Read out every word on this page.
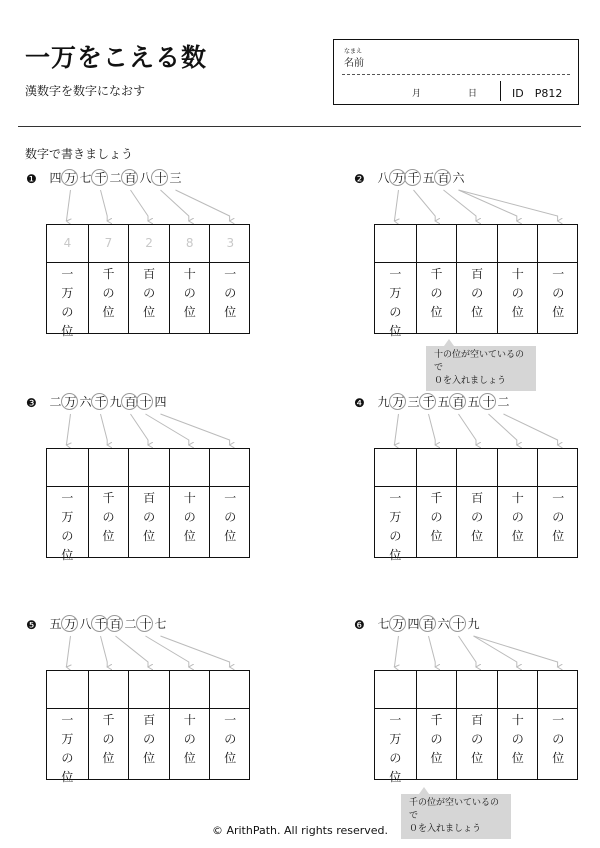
一万をこえる数
漢数字を数字になおす
なまえ
名前
月	日	ID　P812
数字で書きましょう
❶ 四 万 七 千 二 百 八 十 三
4
一
万
の
位
7
千
の
位
2
百
の
位
8
十
の
位
3
一
の
位
❷ 八 万 千 五 百 六
一
万
の
位
千
の
位
百
の
位
十
の
位
一
の
位
❸ 二 万 六 千 九 百 十 四
一
万
の
位
千
の
位
百
の
位
十
の
位
一
の
位
❹ 九 万 三 千 五 百 五 十 二
一
万
の
位
千
の
位
百
の
位
十
の
位
一
の
位
❺ 五 万 八 千 百 二 十 七
一
万
の
位
千
の
位
百
の
位
十
の
位
一
の
位
❻ 七 万 四 百 六 十 九
一
万
の
位
千
の
位
百
の
位
十
の
位
一
の
位
十の位が空いているので
０を入れましょう
千の位が空いているので
０を入れましょう
© ArithPath. All rights reserved.
